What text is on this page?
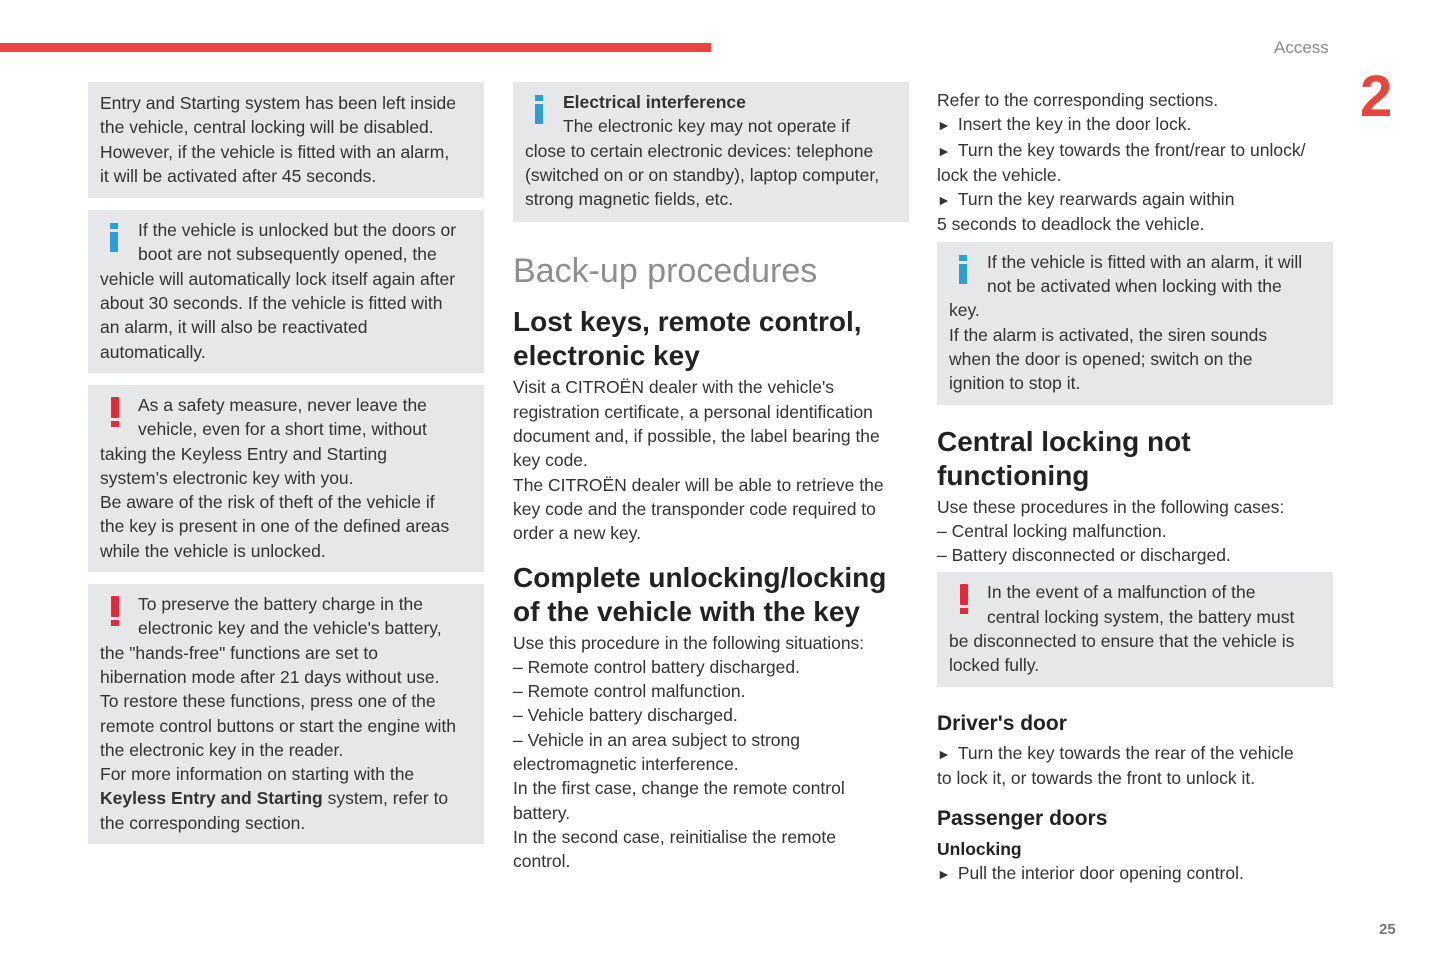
Access
2
25

Entry and Starting system has been left inside

the vehicle, central locking will be disabled.

However, if the vehicle is fitted with an alarm,

it will be activated after 45 seconds.

If the vehicle is unlocked but the doors or

boot are not subsequently opened, the

vehicle will automatically lock itself again after

about 30 seconds. If the vehicle is fitted with

an alarm, it will also be reactivated

automatically.

As a safety measure, never leave the

vehicle, even for a short time, without

taking the Keyless Entry and Starting

system’s electronic key with you.

Be aware of the risk of theft of the vehicle if

the key is present in one of the defined areas

while the vehicle is unlocked.

To preserve the battery charge in the

electronic key and the vehicle's battery,

the "hands-free" functions are set to

hibernation mode after 21 days without use.

To restore these functions, press one of the

remote control buttons or start the engine with

the electronic key in the reader.

For more information on starting with the

Keyless Entry and Starting system, refer to

the corresponding section.

Electrical interference

The electronic key may not operate if

close to certain electronic devices: telephone

(switched on or on standby), laptop computer,

strong magnetic fields, etc.

Back-up procedures
Lost keys, remote control,
electronic key

Visit a CITROËN dealer with the vehicle's

registration certificate, a personal identification

document and, if possible, the label bearing the

key code.

The CITROËN dealer will be able to retrieve the

key code and the transponder code required to

order a new key.

Complete unlocking/locking
of the vehicle with the key

Use this procedure in the following situations:

– Remote control battery discharged.

– Remote control malfunction.

– Vehicle battery discharged.

– Vehicle in an area subject to strong

electromagnetic interference.

In the first case, change the remote control

battery.

In the second case, reinitialise the remote

control.

Refer to the corresponding sections.

► Insert the key in the door lock.

► Turn the key towards the front/rear to unlock/

lock the vehicle.

► Turn the key rearwards again within

5 seconds to deadlock the vehicle.

If the vehicle is fitted with an alarm, it will

not be activated when locking with the

key.

If the alarm is activated, the siren sounds

when the door is opened; switch on the

ignition to stop it.

Central locking not
functioning

Use these procedures in the following cases:

– Central locking malfunction.

– Battery disconnected or discharged.

In the event of a malfunction of the

central locking system, the battery must

be disconnected to ensure that the vehicle is

locked fully.

Driver's door

► Turn the key towards the rear of the vehicle

to lock it, or towards the front to unlock it.

Passenger doors
Unlocking

► Pull the interior door opening control.
